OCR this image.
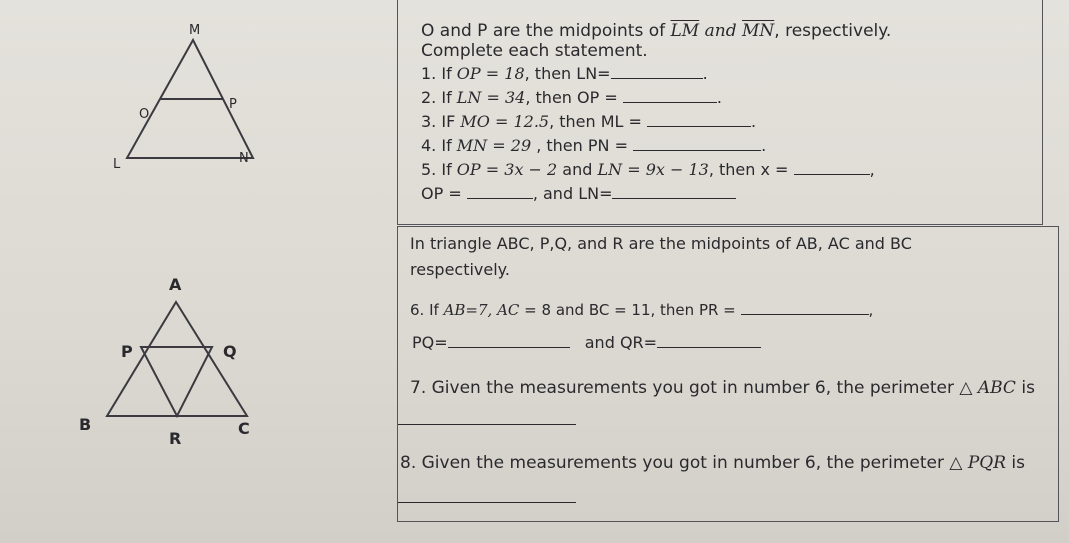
M
O
P
L	N
A
P	Q
B
R
C
O and P are the midpoints of $\overline{LM}$ and $\overline{MN}$, respectively.
Complete each statement.
1. If OP = 18, then LN=	.
2. If LN = 34, then OP =	.
3. IF MO = 12.5, then ML =	.
4. If MN = 29 , then PN =	.
5. If OP = 3x − 2 and LN = 9x − 13, then x =	,
OP =	, and LN=
In triangle ABC, P,Q, and R are the midpoints of AB, AC and BC
respectively.
6. If AB=7, AC = 8 and BC = 11, then PR =	,
PQ=	and QR=
7. Given the measurements you got in number 6, the perimeter △ ABC is
8. Given the measurements you got in number 6, the perimeter △ PQR is
